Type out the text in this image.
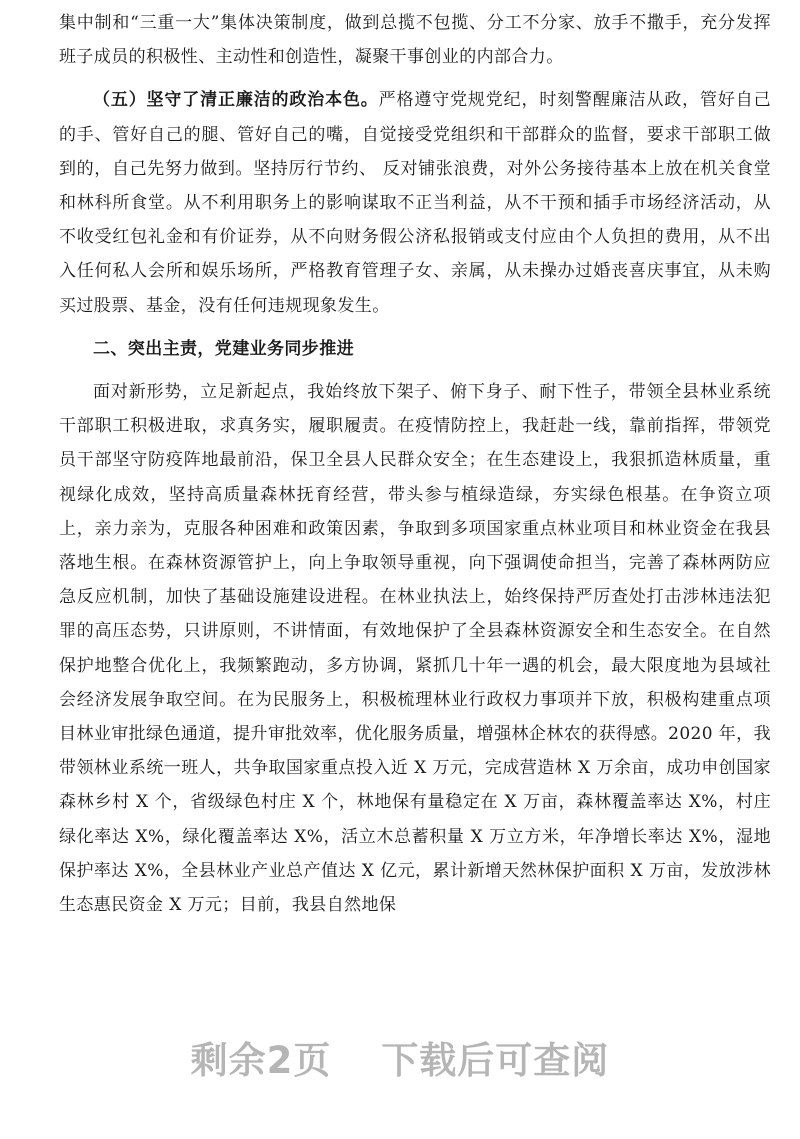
集中制和“三重一大”集体决策制度，做到总揽不包揽、分工不分家、放手不撒手，充分发挥班子成员的积极性、主动性和创造性，凝聚干事创业的内部合力。

（五）坚守了清正廉洁的政治本色。严格遵守党规党纪，时刻警醒廉洁从政，管好自己的手、管好自己的腿、管好自己的嘴，自觉接受党组织和干部群众的监督，要求干部职工做到的，自己先努力做到。坚持厉行节约、 反对铺张浪费，对外公务接待基本上放在机关食堂和林科所食堂。从不利用职务上的影响谋取不正当利益，从不干预和插手市场经济活动，从不收受红包礼金和有价证券，从不向财务假公济私报销或支付应由个人负担的费用，从不出入任何私人会所和娱乐场所，严格教育管理子女、亲属，从未操办过婚丧喜庆事宜，从未购买过股票、基金，没有任何违规现象发生。

二、突出主责，党建业务同步推进

面对新形势，立足新起点，我始终放下架子、俯下身子、耐下性子，带领全县林业系统干部职工积极进取，求真务实，履职履责。在疫情防控上，我赶赴一线，靠前指挥，带领党员干部坚守防疫阵地最前沿，保卫全县人民群众安全；在生态建设上，我狠抓造林质量，重视绿化成效，坚持高质量森林抚育经营，带头参与植绿造绿，夯实绿色根基。在争资立项上，亲力亲为，克服各种困难和政策因素，争取到多项国家重点林业项目和林业资金在我县落地生根。在森林资源管护上，向上争取领导重视，向下强调使命担当，完善了森林两防应急反应机制，加快了基础设施建设进程。在林业执法上，始终保持严厉查处打击涉林违法犯罪的高压态势，只讲原则，不讲情面，有效地保护了全县森林资源安全和生态安全。在自然保护地整合优化上，我频繁跑动，多方协调，紧抓几十年一遇的机会，最大限度地为县域社会经济发展争取空间。在为民服务上，积极梳理林业行政权力事项并下放，积极构建重点项目林业审批绿色通道，提升审批效率，优化服务质量，增强林企林农的获得感。2020 年，我带领林业系统一班人，共争取国家重点投入近 X 万元，完成营造林 X 万余亩，成功申创国家森林乡村 X 个，省级绿色村庄 X 个，林地保有量稳定在 X 万亩，森林覆盖率达 X%，村庄绿化率达 X%，绿化覆盖率达 X%，活立木总蓄积量 X 万立方米，年净增长率达 X%，湿地保护率达 X%，全县林业产业总产值达 X 亿元，累计新增天然林保护面积 X 万亩，发放涉林生态惠民资金 X 万元；目前，我县自然地保

剩余2页 下载后可查阅
